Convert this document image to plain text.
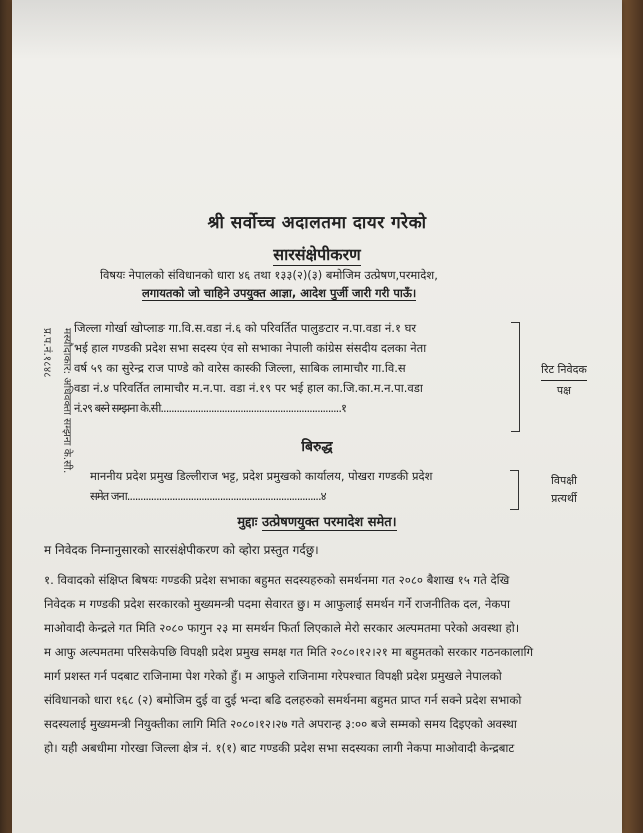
श्री सर्वोच्च अदालतमा दायर गरेको
सारसंक्षेपीकरण
विषयः नेपालको संविधानको धारा ४६ तथा १३३(२)(३) बमोजिम उत्प्रेषण,परमादेश,
लगायतको जो चाहिने उपयुक्त आज्ञा, आदेश पुर्जी जारी गरी पाऊँ।
प्र.प.नं.१८४८ मस्यौदाकार: अधिवक्ता सम्झना के.सी. जिल्ला गोर्खा खोप्लाङ गा.वि.स.वडा नं.६ को परिवर्तित पालुङटार न.पा.वडा नं.१ घर
भई हाल गण्डकी प्रदेश सभा सदस्य एंव सो सभाका नेपाली कांग्रेस संसदीय दलका नेता
वर्ष ५९ का सुरेन्द्र राज पाण्डे को वारेस कास्की जिल्ला, साबिक लामाचौर गा.वि.स
वडा नं.४ परिवर्तित लामाचौर म.न.पा. वडा नं.१९ पर भई हाल का.जि.का.म.न.पा.वडा
नं.२९ बस्ने सम्झना के.सी....................................................................१
रिट निवेदक
पक्ष
बिरुद्ध
माननीय प्रदेश प्रमुख डिल्लीराज भट्ट, प्रदेश प्रमुखको कार्यालय, पोखरा गण्डकी प्रदेश
समेत जना.........................................................................४
विपक्षी
प्रत्यर्थी
मुद्दाः उत्प्रेषणयुक्त परमादेश समेत।
म निवेदक निम्नानुसारको सारसंक्षेपीकरण को व्होरा प्रस्तुत गर्दछु।

१. विवादको संक्षिप्त बिषयः गण्डकी प्रदेश सभाका बहुमत सदस्यहरुको समर्थनमा गत २०८० बैशाख १५ गते देखि

निवेदक म गण्डकी प्रदेश सरकारको मुख्यमन्त्री पदमा सेवारत छु। म आफुलाई समर्थन गर्ने राजनीतिक दल, नेकपा

माओवादी केन्द्रले गत मिति २०८० फागुन २३ मा समर्थन फिर्ता लिएकाले मेरो सरकार अल्पमतमा परेको अवस्था हो।

म आफु अल्पमतमा परिसकेपछि विपक्षी प्रदेश प्रमुख समक्ष गत मिति २०८०।१२।२१ मा बहुमतको सरकार गठनकालागि

मार्ग प्रशस्त गर्न पदबाट राजिनामा पेश गरेको हुँ। म आफुले राजिनामा गरेपश्चात विपक्षी प्रदेश प्रमुखले नेपालको

संविधानको धारा १६८ (२) बमोजिम दुई वा दुई भन्दा बढि दलहरुको समर्थनमा बहुमत प्राप्त गर्न सक्ने प्रदेश सभाको

सदस्यलाई मुख्यमन्त्री नियुक्तीका लागि मिति २०८०।१२।२७ गते अपरान्ह ३:०० बजे सम्मको समय दिइएको अवस्था

हो। यही अबधीमा गोरखा जिल्ला क्षेत्र नं. १(१) बाट गण्डकी प्रदेश सभा सदस्यका लागी नेकपा माओवादी केन्द्रबाट
